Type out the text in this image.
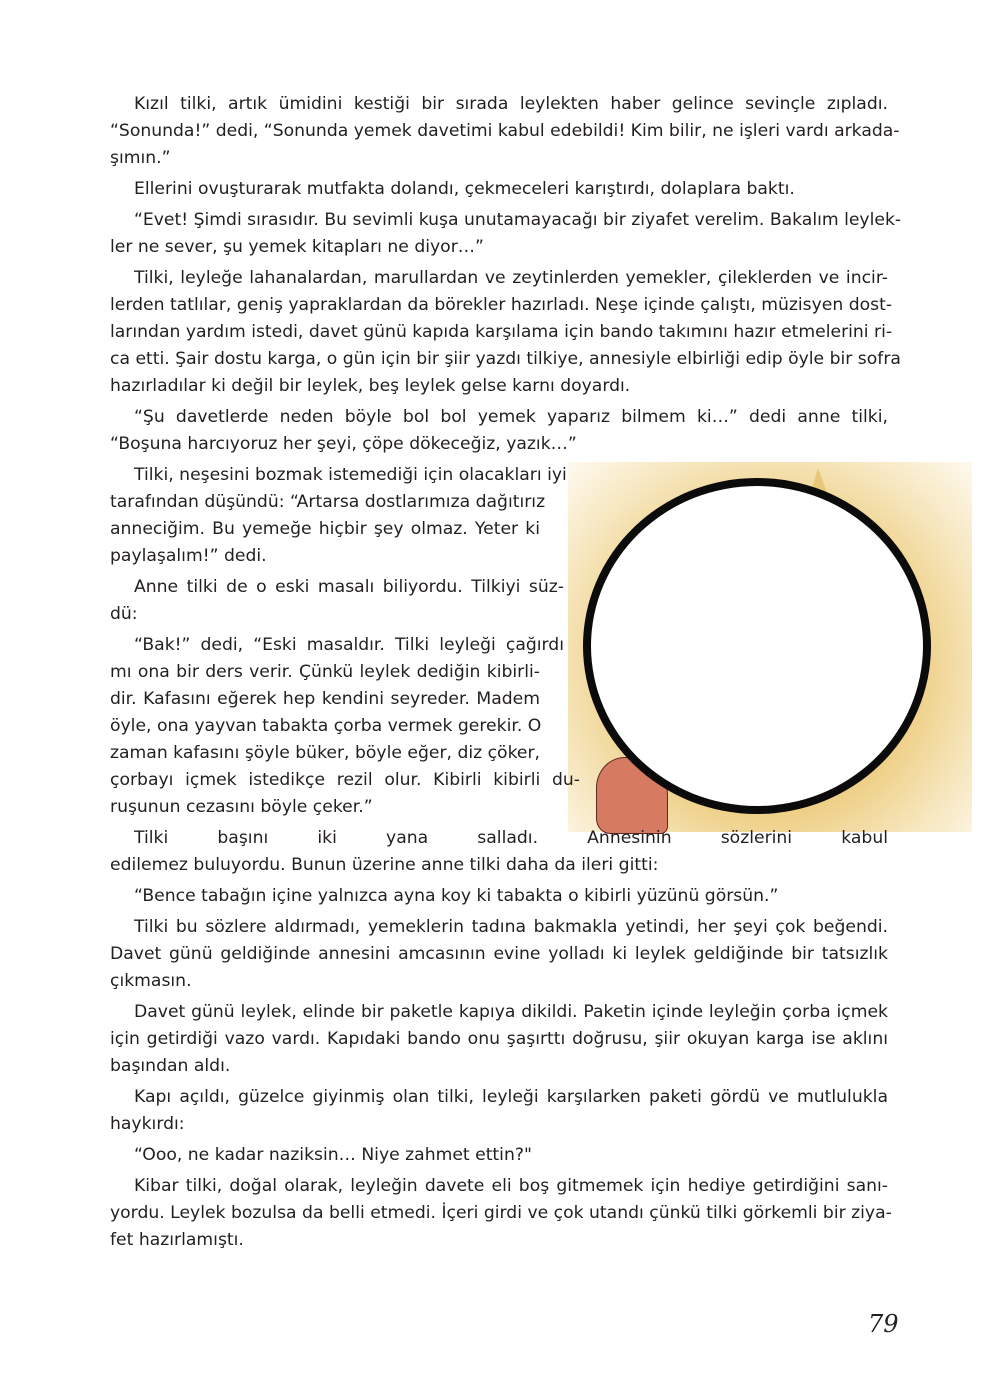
Kızıl tilki, artık ümidini kestiği bir sırada leylekten haber gelince sevinçle zıpladı.
“Sonunda!” dedi, “Sonunda yemek davetimi kabul edebildi! Kim bilir, ne işleri vardı arkada-
şımın.”
Ellerini ovuşturarak mutfakta dolandı, çekmeceleri karıştırdı, dolaplara baktı.
“Evet! Şimdi sırasıdır. Bu sevimli kuşa unutamayacağı bir ziyafet verelim. Bakalım leylek-
ler ne sever, şu yemek kitapları ne diyor…”
Tilki, leyleğe lahanalardan, marullardan ve zeytinlerden yemekler, çileklerden ve incir-
lerden tatlılar, geniş yapraklardan da börekler hazırladı. Neşe içinde çalıştı, müzisyen dost-
larından yardım istedi, davet günü kapıda karşılama için bando takımını hazır etmelerini ri-
ca etti. Şair dostu karga, o gün için bir şiir yazdı tilkiye, annesiyle elbirliği edip öyle bir sofra
hazırladılar ki değil bir leylek, beş leylek gelse karnı doyardı.
“Şu davetlerde neden böyle bol bol yemek yaparız bilmem ki…” dedi anne tilki,
“Boşuna harcıyoruz her şeyi, çöpe dökeceğiz, yazık…”
Tilki, neşesini bozmak istemediği için olacakları iyi
tarafından düşündü: “Artarsa dostlarımıza dağıtırız
anneciğim. Bu yemeğe hiçbir şey olmaz. Yeter ki
paylaşalım!” dedi.
Anne tilki de o eski masalı biliyordu. Tilkiyi süz-
dü:
“Bak!” dedi, “Eski masaldır. Tilki leyleği çağırdı
mı ona bir ders verir. Çünkü leylek dediğin kibirli-
dir. Kafasını eğerek hep kendini seyreder. Madem
öyle, ona yayvan tabakta çorba vermek gerekir. O
zaman kafasını şöyle büker, böyle eğer, diz çöker,
çorbayı içmek istedikçe rezil olur. Kibirli kibirli du-
ruşunun cezasını böyle çeker.”
Tilki başını iki yana salladı. Annesinin sözlerini kabul
edilemez buluyordu. Bunun üzerine anne tilki daha da ileri gitti:
“Bence tabağın içine yalnızca ayna koy ki tabakta o kibirli yüzünü görsün.”
Tilki bu sözlere aldırmadı, yemeklerin tadına bakmakla yetindi, her şeyi çok beğendi.
Davet günü geldiğinde annesini amcasının evine yolladı ki leylek geldiğinde bir tatsızlık
çıkmasın.
Davet günü leylek, elinde bir paketle kapıya dikildi. Paketin içinde leyleğin çorba içmek
için getirdiği vazo vardı. Kapıdaki bando onu şaşırttı doğrusu, şiir okuyan karga ise aklını
başından aldı.
Kapı açıldı, güzelce giyinmiş olan tilki, leyleği karşılarken paketi gördü ve mutlulukla
haykırdı:
“Ooo, ne kadar naziksin… Niye zahmet ettin?"
Kibar tilki, doğal olarak, leyleğin davete eli boş gitmemek için hediye getirdiğini sanı-
yordu. Leylek bozulsa da belli etmedi. İçeri girdi ve çok utandı çünkü tilki görkemli bir ziya-
fet hazırlamıştı.
79
